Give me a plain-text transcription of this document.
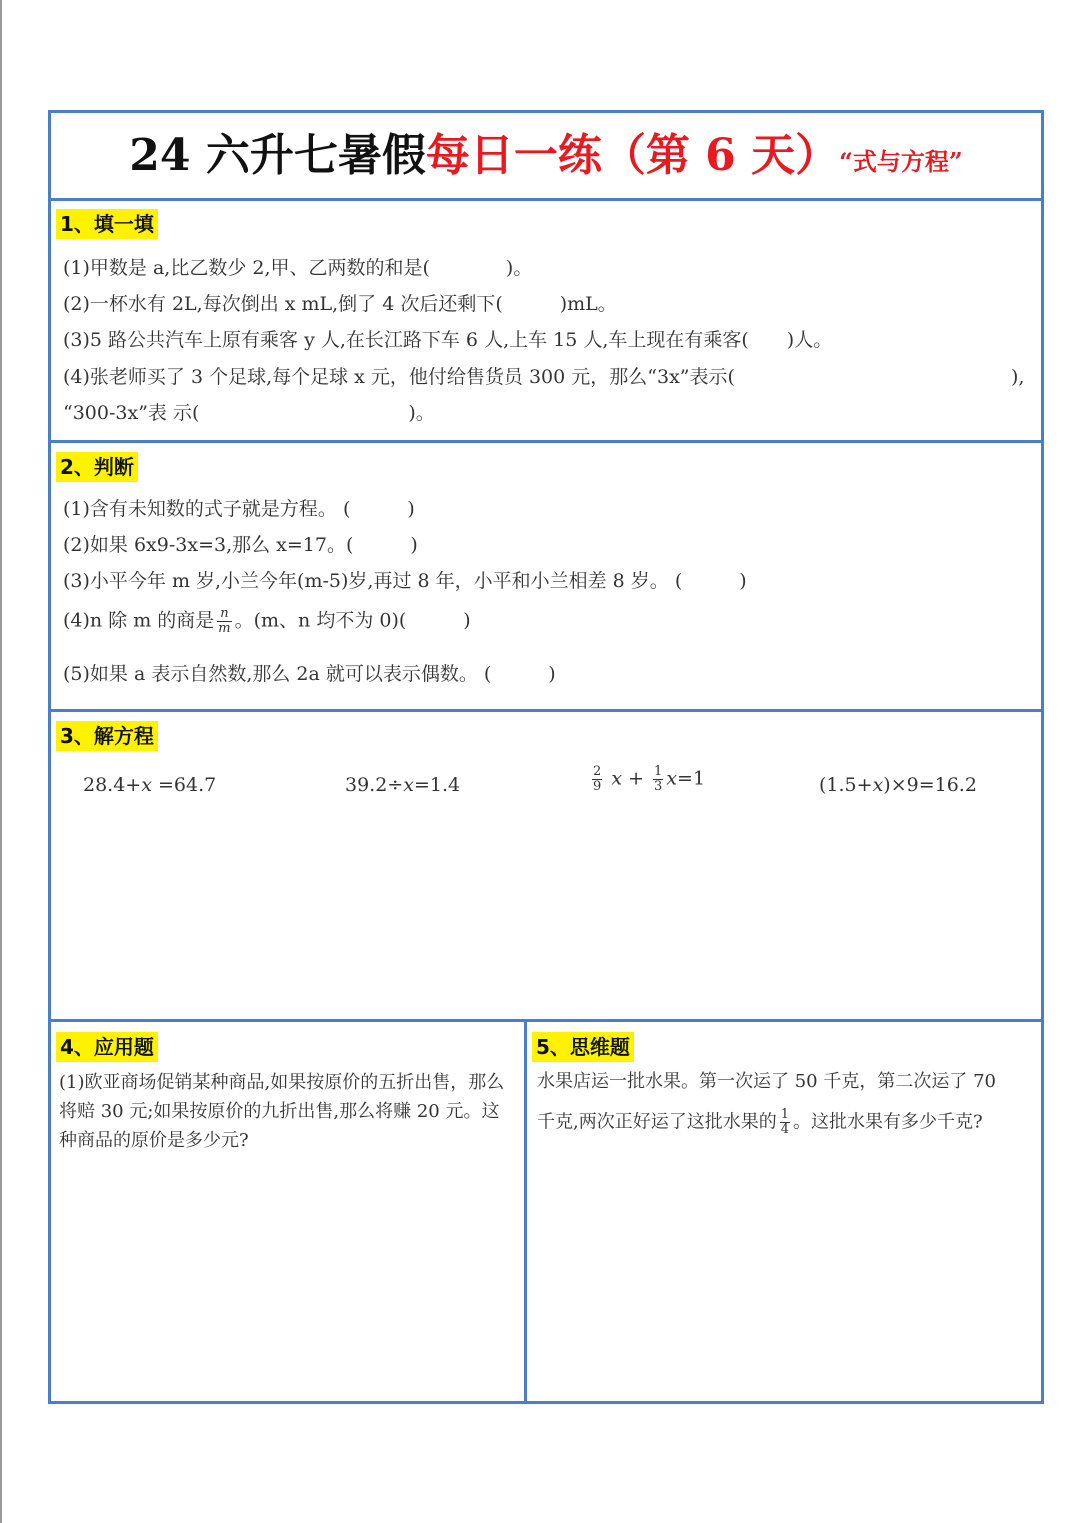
24 六升七暑假每日一练（第 6 天）“式与方程”
1、填一填
(1)甲数是 a,比乙数少 2,甲、乙两数的和是(　　　　)。
(2)一杯水有 2L,每次倒出 x mL,倒了 4 次后还剩下(　　　)mL。
(3)5 路公共汽车上原有乘客 y 人,在长江路下车 6 人,上车 15 人,车上现在有乘客(　　)人。
(4)张老师买了 3 个足球,每个足球 x 元，他付给售货员 300 元，那么“3x”表示(	),
“300-3x”表 示(　　　　　　　　　　　)。
2、判断
(1)含有未知数的式子就是方程。 (　　　)
(2)如果 6x9-3x=3,那么 x=17。(　　　)
(3)小平今年 m 岁,小兰今年(m-5)岁,再过 8 年，小平和小兰相差 8 岁。 (　　　)
(4)n 除 m 的商是 $\frac{n}{m}$ 。(m、n 均不为 0)(　　　)
(5)如果 a 表示自然数,那么 2a 就可以表示偶数。 (　　　)
3、解方程
28.4+x =64.7	39.2÷x=1.4	$\frac{2}{9}$ $x + \frac{1}{3} x=1$	(1.5+x)×9=16.2
4、应用题
(1)欧亚商场促销某种商品,如果按原价的五折出售，那么将赔 30 元;如果按原价的九折出售,那么将赚 20 元。这种商品的原价是多少元?
5、思维题
水果店运一批水果。第一次运了 50 千克，第二次运了 70
千克,两次正好运了这批水果的 $\frac{1}{4}$ 。这批水果有多少千克?
